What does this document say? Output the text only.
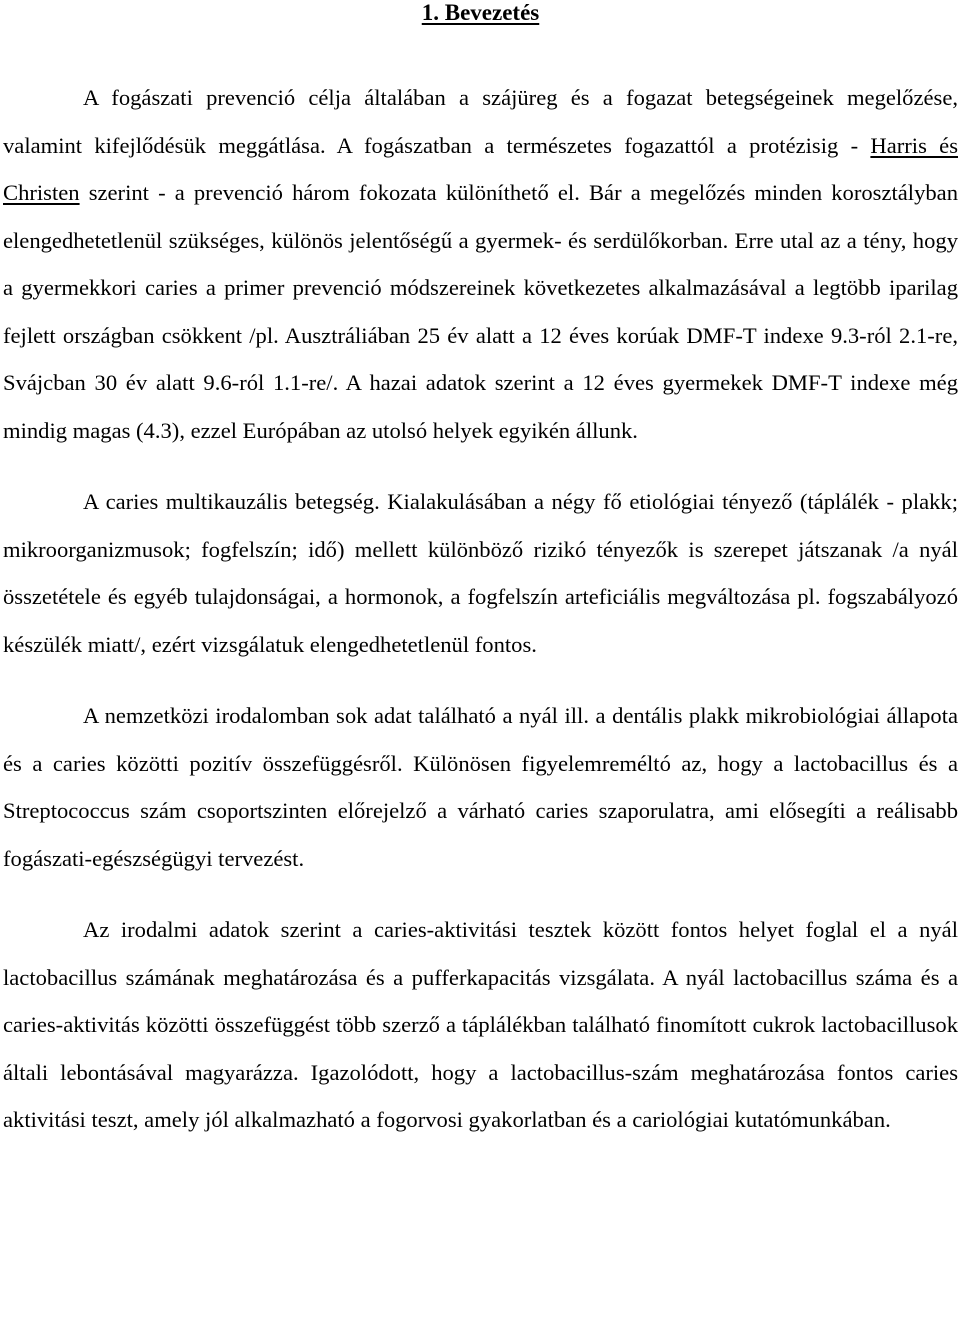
1. Bevezetés

A fogászati prevenció célja általában a szájüreg és a fogazat betegségeinek megelőzése, valamint kifejlődésük meggátlása. A fogászatban a természetes fogazattól a protézisig - Harris és Christen szerint - a prevenció három fokozata különíthető el. Bár a megelőzés minden korosztályban elengedhetetlenül szükséges, különös jelentőségű a gyermek- és serdülőkorban. Erre utal az a tény, hogy a gyermekkori caries a primer prevenció módszereinek következetes alkalmazásával a legtöbb iparilag fejlett országban csökkent /pl. Ausztráliában 25 év alatt a 12 éves korúak DMF-T indexe 9.3-ról 2.1-re, Svájcban 30 év alatt 9.6-ról 1.1-re/. A hazai adatok szerint a 12 éves gyermekek DMF-T indexe még mindig magas (4.3), ezzel Európában az utolsó helyek egyikén állunk.

A caries multikauzális betegség. Kialakulásában a négy fő etiológiai tényező (táplálék - plakk; mikroorganizmusok; fogfelszín; idő) mellett különböző rizikó tényezők is szerepet játszanak /a nyál összetétele és egyéb tulajdonságai, a hormonok, a fogfelszín arteficiális megváltozása pl. fogszabályozó készülék miatt/, ezért vizsgálatuk elengedhetetlenül fontos.

A nemzetközi irodalomban sok adat található a nyál ill. a dentális plakk mikrobiológiai állapota és a caries közötti pozitív összefüggésről. Különösen figyelemreméltó az, hogy a lactobacillus és a Streptococcus szám csoportszinten előrejelző a várható caries szaporulatra, ami elősegíti a reálisabb fogászati-egészségügyi tervezést.

Az irodalmi adatok szerint a caries-aktivitási tesztek között fontos helyet foglal el a nyál lactobacillus számának meghatározása és a pufferkapacitás vizsgálata. A nyál lactobacillus száma és a caries-aktivitás közötti összefüggést több szerző a táplálékban található finomított cukrok lactobacillusok általi lebontásával magyarázza. Igazolódott, hogy a lactobacillus-szám meghatározása fontos caries aktivitási teszt, amely jól alkalmazható a fogorvosi gyakorlatban és a cariológiai kutatómunkában.
